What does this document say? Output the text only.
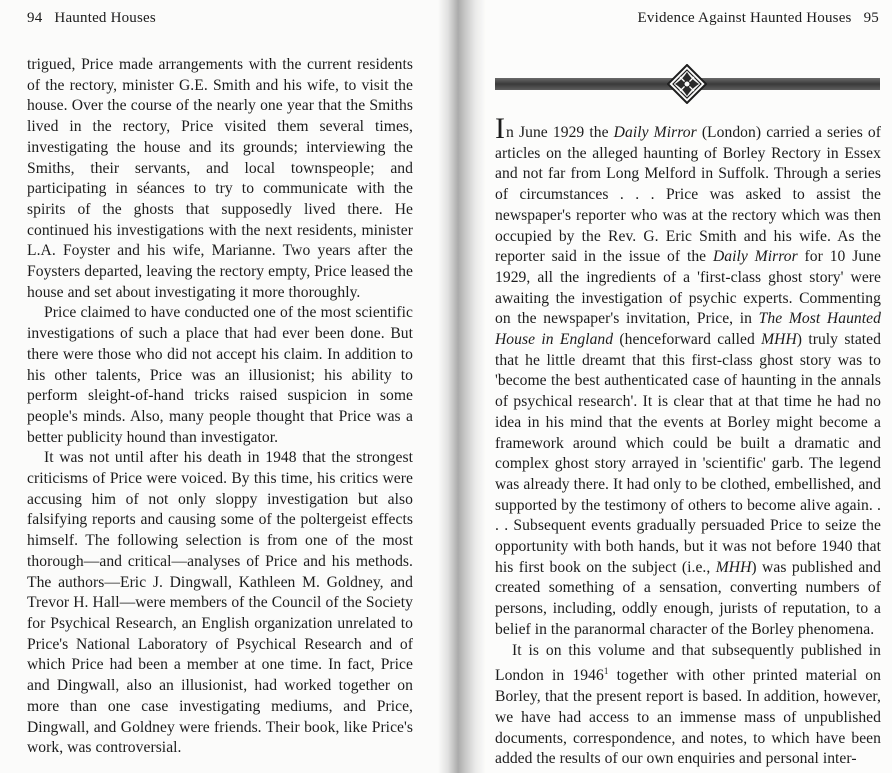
94 Haunted Houses

trigued, Price made arrangements with the current residents of the rectory, minister G.E. Smith and his wife, to visit the house. Over the course of the nearly one year that the Smiths lived in the rectory, Price visited them several times, investigating the house and its grounds; interviewing the Smiths, their servants, and local townspeople; and participating in séances to try to communicate with the spirits of the ghosts that supposedly lived there. He continued his investigations with the next residents, minister L.A. Foyster and his wife, Marianne. Two years after the Foysters departed, leaving the rectory empty, Price leased the house and set about investigating it more thoroughly.

Price claimed to have conducted one of the most scientific investigations of such a place that had ever been done. But there were those who did not accept his claim. In addition to his other talents, Price was an illusionist; his ability to perform sleight-of-hand tricks raised suspicion in some people's minds. Also, many people thought that Price was a better publicity hound than investigator.

It was not until after his death in 1948 that the strongest criticisms of Price were voiced. By this time, his critics were accusing him of not only sloppy investigation but also falsifying reports and causing some of the poltergeist effects himself. The following selection is from one of the most thorough—and critical—analyses of Price and his methods. The authors—Eric J. Dingwall, Kathleen M. Goldney, and Trevor H. Hall—were members of the Council of the Society for Psychical Research, an English organization unrelated to Price's National Laboratory of Psychical Research and of which Price had been a member at one time. In fact, Price and Dingwall, also an illusionist, had worked together on more than one case investigating mediums, and Price, Dingwall, and Goldney were friends. Their book, like Price's work, was controversial.

Evidence Against Haunted Houses 95

In June 1929 the Daily Mirror (London) carried a series of articles on the alleged haunting of Borley Rectory in Essex and not far from Long Melford in Suffolk. Through a series of circumstances . . . Price was asked to assist the newspaper's reporter who was at the rectory which was then occupied by the Rev. G. Eric Smith and his wife. As the reporter said in the issue of the Daily Mirror for 10 June 1929, all the ingredients of a 'first-class ghost story' were awaiting the investigation of psychic experts. Commenting on the newspaper's invitation, Price, in The Most Haunted House in England (henceforward called MHH) truly stated that he little dreamt that this first-class ghost story was to 'become the best authenticated case of haunting in the annals of psychical research'. It is clear that at that time he had no idea in his mind that the events at Borley might become a framework around which could be built a dramatic and complex ghost story arrayed in 'scientific' garb. The legend was already there. It had only to be clothed, embellished, and supported by the testimony of others to become alive again. . . . Subsequent events gradually persuaded Price to seize the opportunity with both hands, but it was not before 1940 that his first book on the subject (i.e., MHH) was published and created something of a sensation, converting numbers of persons, including, oddly enough, jurists of reputation, to a belief in the paranormal character of the Borley phenomena.

It is on this volume and that subsequently published in London in 1946$^1$ together with other printed material on Borley, that the present report is based. In addition, however, we have had access to an immense mass of unpublished documents, correspondence, and notes, to which have been added the results of our own enquiries and personal inter-
